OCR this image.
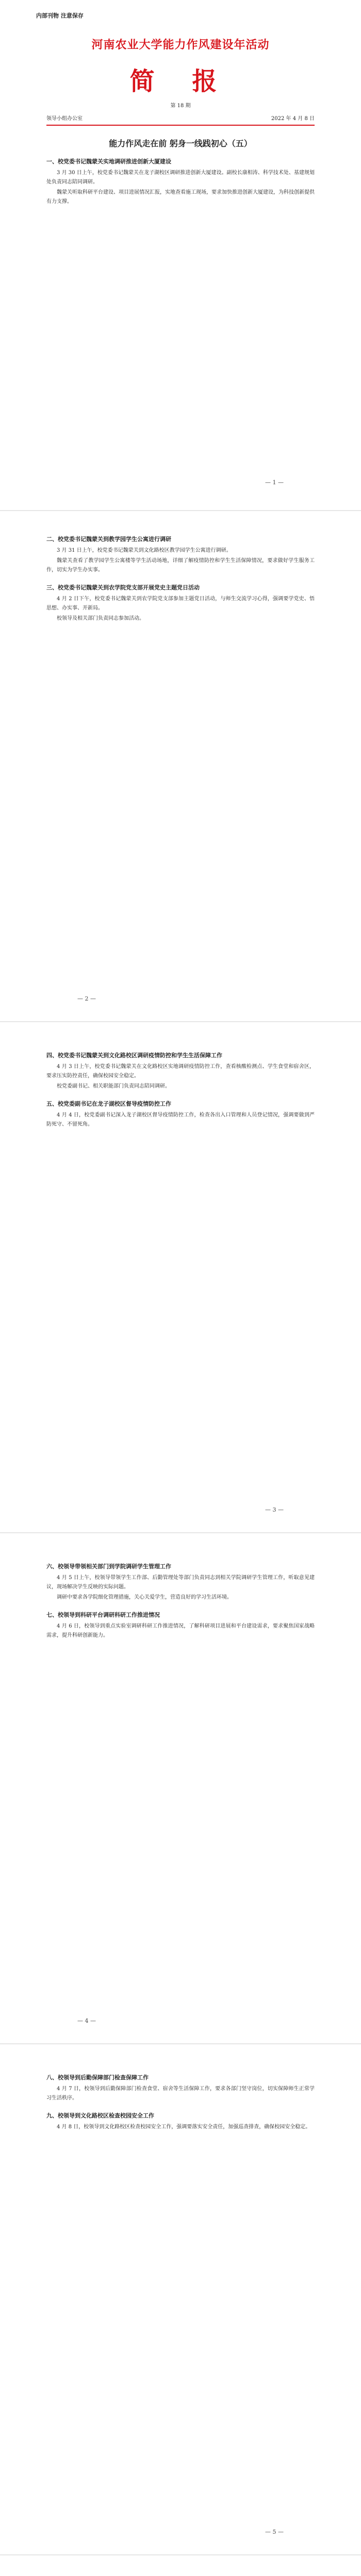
内部刊物 注意保存
河南农业大学能力作风建设年活动
简 报
第 18 期
领导小组办公室	2022 年 4 月 8 日
能力作风走在前 躬身一线践初心（五）
一、校党委书记魏蒙关实地调研推进创新大厦建设

3 月 30 日上午，校党委书记魏蒙关在龙子湖校区调研推进创新大厦建设。副校长康相涛、科学技术处、基建规划处负责同志陪同调研。

魏蒙关听取科研平台建设、项目进展情况汇报，实地查看施工现场，要求加快推进创新大厦建设，为科技创新提供有力支撑。

— 1 —
二、校党委书记魏蒙关到教学园学生公寓进行调研

3 月 31 日上午，校党委书记魏蒙关到文化路校区教学园学生公寓进行调研。

魏蒙关查看了教学园学生公寓楼等学生活动场地，详细了解疫情防控和学生生活保障情况，要求做好学生服务工作，切实为学生办实事。

三、校党委书记魏蒙关到农学院党支部开展党史主题党日活动

4 月 2 日下午，校党委书记魏蒙关到农学院党支部参加主题党日活动，与师生交流学习心得，强调要学党史、悟思想、办实事、开新局。

校领导及相关部门负责同志参加活动。

— 2 —
四、校党委书记魏蒙关到文化路校区调研疫情防控和学生生活保障工作

4 月 3 日上午，校党委书记魏蒙关在文化路校区实地调研疫情防控工作，查看核酸检测点、学生食堂和宿舍区，要求压实防控责任，确保校园安全稳定。

校党委副书记、相关职能部门负责同志陪同调研。

五、校党委副书记在龙子湖校区督导疫情防控工作

4 月 4 日，校党委副书记深入龙子湖校区督导疫情防控工作，检查各出入口管理和人员登记情况，强调要做到严防死守、不留死角。

— 3 —
六、校领导带领相关部门到学院调研学生管理工作

4 月 5 日上午，校领导带领学生工作部、后勤管理处等部门负责同志到相关学院调研学生管理工作，听取意见建议，现场解决学生反映的实际问题。

调研中要求各学院细化管理措施，关心关爱学生，营造良好的学习生活环境。

七、校领导到科研平台调研科研工作推进情况

4 月 6 日，校领导到重点实验室调研科研工作推进情况，了解科研项目进展和平台建设需求，要求聚焦国家战略需求，提升科研创新能力。

— 4 —
八、校领导到后勤保障部门检查保障工作

4 月 7 日，校领导到后勤保障部门检查食堂、宿舍等生活保障工作，要求各部门坚守岗位，切实保障师生正常学习生活秩序。

九、校领导到文化路校区检查校园安全工作

4 月 8 日，校领导到文化路校区检查校园安全工作，强调要落实安全责任，加强巡查排查，确保校园安全稳定。

— 5 —
